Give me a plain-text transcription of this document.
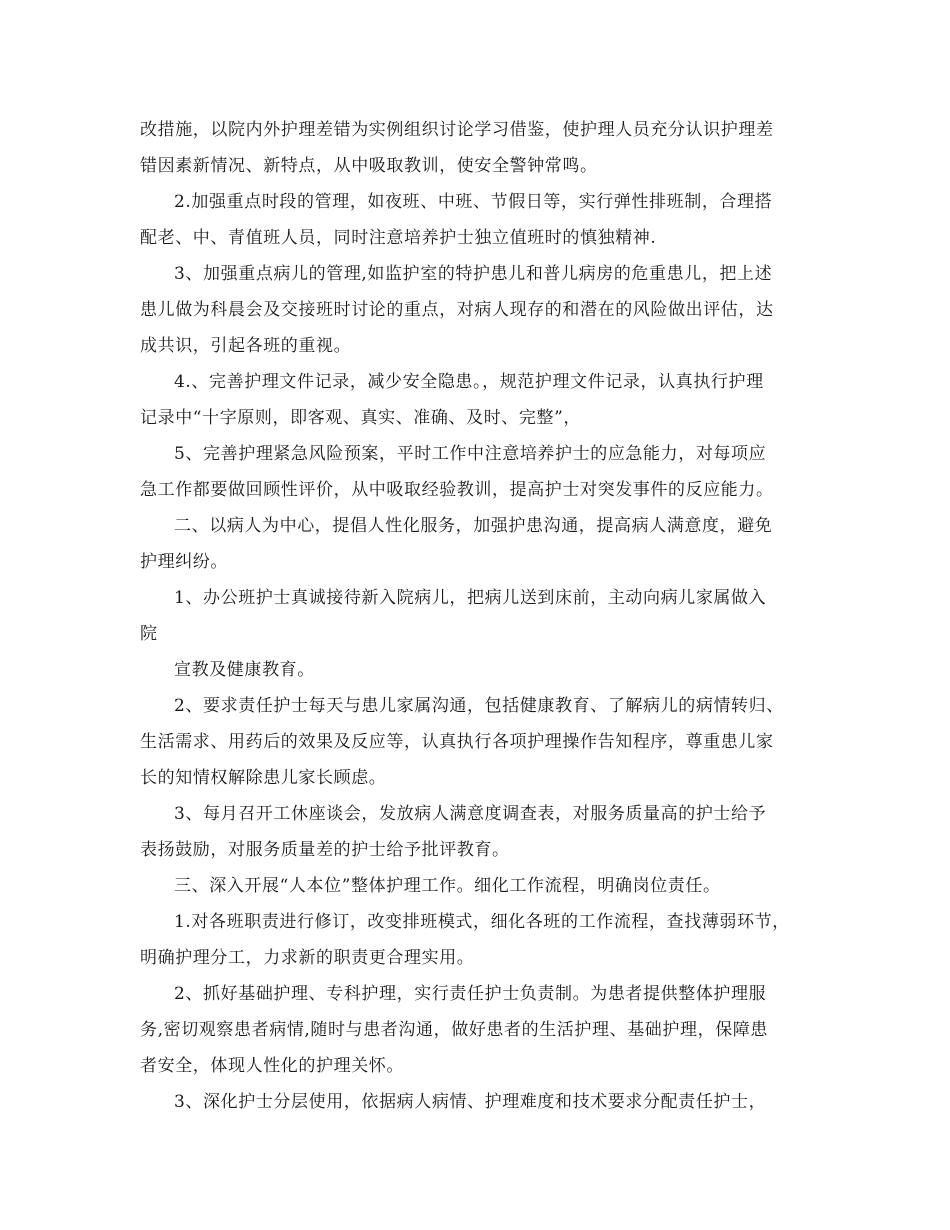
改措施，以院内外护理差错为实例组织讨论学习借鉴，使护理人员充分认识护理差
错因素新情况、新特点，从中吸取教训，使安全警钟常鸣。
2.加强重点时段的管理，如夜班、中班、节假日等，实行弹性排班制，合理搭
配老、中、青值班人员，同时注意培养护士独立值班时的慎独精神.
3、加强重点病儿的管理,如监护室的特护患儿和普儿病房的危重患儿，把上述
患儿做为科晨会及交接班时讨论的重点，对病人现存的和潜在的风险做出评估，达
成共识，引起各班的重视。
4.、完善护理文件记录，减少安全隐患。，规范护理文件记录，认真执行护理
记录中“十字原则，即客观、真实、准确、及时、完整”，
5、完善护理紧急风险预案，平时工作中注意培养护士的应急能力，对每项应
急工作都要做回顾性评价，从中吸取经验教训，提高护士对突发事件的反应能力。
二、以病人为中心，提倡人性化服务，加强护患沟通，提高病人满意度，避免
护理纠纷。
1、办公班护士真诚接待新入院病儿，把病儿送到床前，主动向病儿家属做入
院
宣教及健康教育。
2、要求责任护士每天与患儿家属沟通，包括健康教育、了解病儿的病情转归、
生活需求、用药后的效果及反应等，认真执行各项护理操作告知程序，尊重患儿家
长的知情权解除患儿家长顾虑。
3、每月召开工休座谈会，发放病人满意度调查表，对服务质量高的护士给予
表扬鼓励，对服务质量差的护士给予批评教育。
三、深入开展“人本位”整体护理工作。细化工作流程，明确岗位责任。
1.对各班职责进行修订，改变排班模式，细化各班的工作流程，查找薄弱环节，
明确护理分工，力求新的职责更合理实用。
2、抓好基础护理、专科护理，实行责任护士负责制。为患者提供整体护理服
务,密切观察患者病情,随时与患者沟通，做好患者的生活护理、基础护理，保障患
者安全，体现人性化的护理关怀。
3、深化护士分层使用，依据病人病情、护理难度和技术要求分配责任护士，
